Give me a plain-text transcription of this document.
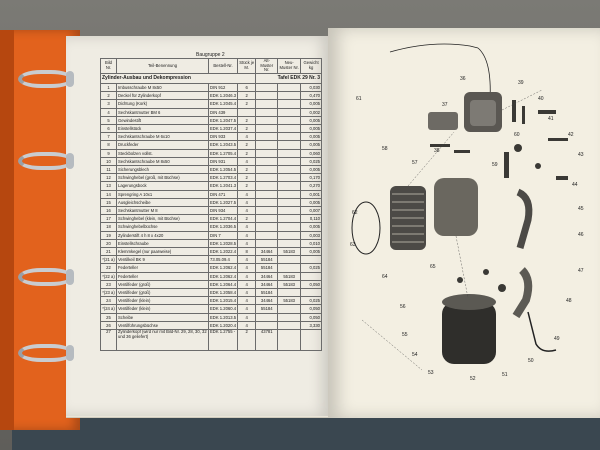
Baugruppe 2
Zylinder-Ausbau und Dekompression				Tafel EDK 29 Nr. 3		
Bild Nr.	Teil-Benennung	Bestell-Nr.	Stück je M.	Alt-Muster Nr.	Neu-Muster Nr.	Gewicht kg
1	Imbusschraube M 8x50	DIN 912	6			0,030
2	Deckel für Zylinderkopf	EDK 1.2046.3	2			0,470
3	Dichtung (Kork)	EDK 1.2045.4	2			0,005
4	Sechskantmutter BM 6	DIN 439				0,002
5	Gewindestift	EDK 1.2047.5	2			0,005
6	Einstellstück	EDK 1.2037.4	2			0,005
7	Sechskantschraube M 6x10	DIN 933	4			0,005
8	Druckfeder	EDK 1.2043.5	2			0,005
9	Steckbolzen vollst.	EDK 1.2705.4	2			0,060
10	Sechskantschraube M 8x50	DIN 931	4			0,025
11	Sicherungsblech	EDK 1.2054.5	2			0,005
12	Schwinghebel (groß, mit Büchse)	EDK 1.2703.4	2			0,170
13	Lagerungsbock	EDK 1.2041.3	2			0,270
14	Sprengring A 10x1	DIN 471	4			0,001
15	Ausgleichscheibe	EDK 1.2027.5	4			0,005
16	Sechskantmutter M 8	DIN 934	4			0,007
17	Schwinghebel (klein, mit Büchse)	EDK 1.2704.4	2			0,110
18	Schwinghebelbüchse	EDK 1.2036.5	4			0,005
19	Zylinderstift 4 h 8 x 4x20	DIN 7	4			0,003
20	Einstellschraube	EDK 1.2028.5	4			0,010
21	Klemmkegel (nur paarweise)	EDK 1.2022.4	8	34464	55183	0,005
*(21 a)	Ventilkeil BK 9	73.05.09.4	4	55184		
22	Federteller	EDK 1.2062.4	4	55184		0,025
*(22 a)	Federteller	EDK 1.2062.4	4	34464	55183	
23	Ventilfeder (groß)	EDK 1.2064.4	4	34464	55183	0,050
*(23 a)	Ventilfeder (groß)	EDK 1.2058.4	4	55184		
24	Ventilfeder (klein)	EDK 1.2015.4	4	34464	55183	0,025
*(24 a)	Ventilfeder (klein)	EDK 1.2060.4	4	55184		0,050
25	Scheibe	EDK 1.2013.5	4			0,050
26	Ventilführungsbüchse	EDK 1.2020.4	4			3,330
27	Zylinderkopf (wird nur mit Bild-Nr. 29, 28, 30, 32 und 36 geliefert)	EDK 1.2755 -	2	43781		
61
62
63
64
65
36
37
38
39
40
41
42
43
44
45
46
47
48
49
50
51
52
53
54
55
56
57
58
59
60
